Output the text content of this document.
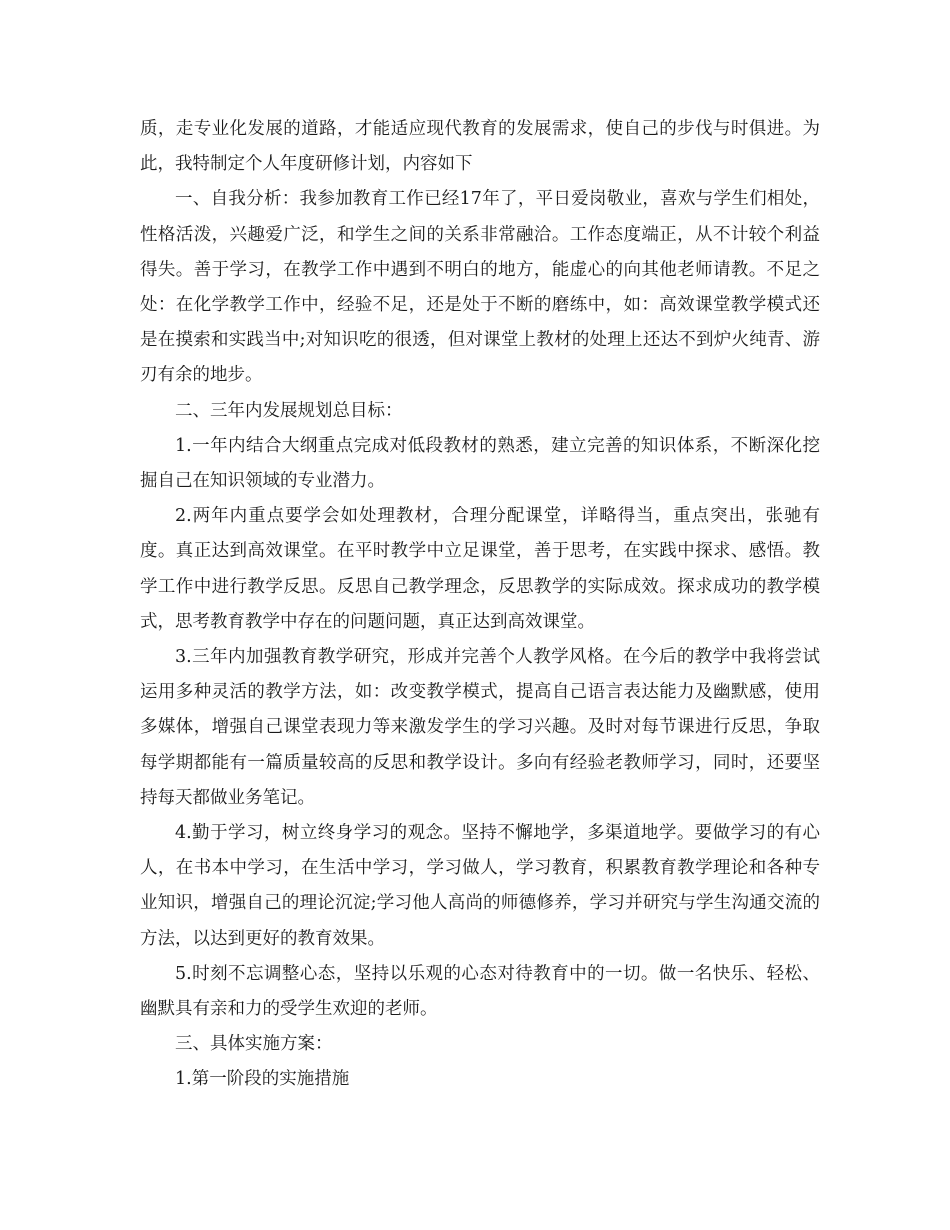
质，走专业化发展的道路，才能适应现代教育的发展需求，使自己的步伐与时俱进。为此，我特制定个人年度研修计划，内容如下

一、自我分析：我参加教育工作已经17年了，平日爱岗敬业，喜欢与学生们相处，性格活泼，兴趣爱广泛，和学生之间的关系非常融洽。工作态度端正，从不计较个利益得失。善于学习，在教学工作中遇到不明白的地方，能虚心的向其他老师请教。不足之处：在化学教学工作中，经验不足，还是处于不断的磨练中，如：高效课堂教学模式还是在摸索和实践当中;对知识吃的很透，但对课堂上教材的处理上还达不到炉火纯青、游刃有余的地步。

二、三年内发展规划总目标：

1.一年内结合大纲重点完成对低段教材的熟悉，建立完善的知识体系，不断深化挖掘自己在知识领域的专业潜力。

2.两年内重点要学会如处理教材，合理分配课堂，详略得当，重点突出，张驰有度。真正达到高效课堂。在平时教学中立足课堂，善于思考，在实践中探求、感悟。教学工作中进行教学反思。反思自己教学理念，反思教学的实际成效。探求成功的教学模式，思考教育教学中存在的问题问题，真正达到高效课堂。

3.三年内加强教育教学研究，形成并完善个人教学风格。在今后的教学中我将尝试运用多种灵活的教学方法，如：改变教学模式，提高自己语言表达能力及幽默感，使用多媒体，增强自己课堂表现力等来激发学生的学习兴趣。及时对每节课进行反思，争取每学期都能有一篇质量较高的反思和教学设计。多向有经验老教师学习，同时，还要坚持每天都做业务笔记。

4.勤于学习，树立终身学习的观念。坚持不懈地学，多渠道地学。要做学习的有心人，在书本中学习，在生活中学习，学习做人，学习教育，积累教育教学理论和各种专业知识，增强自己的理论沉淀;学习他人高尚的师德修养，学习并研究与学生沟通交流的方法，以达到更好的教育效果。

5.时刻不忘调整心态，坚持以乐观的心态对待教育中的一切。做一名快乐、轻松、幽默具有亲和力的受学生欢迎的老师。

三、具体实施方案：

1.第一阶段的实施措施
